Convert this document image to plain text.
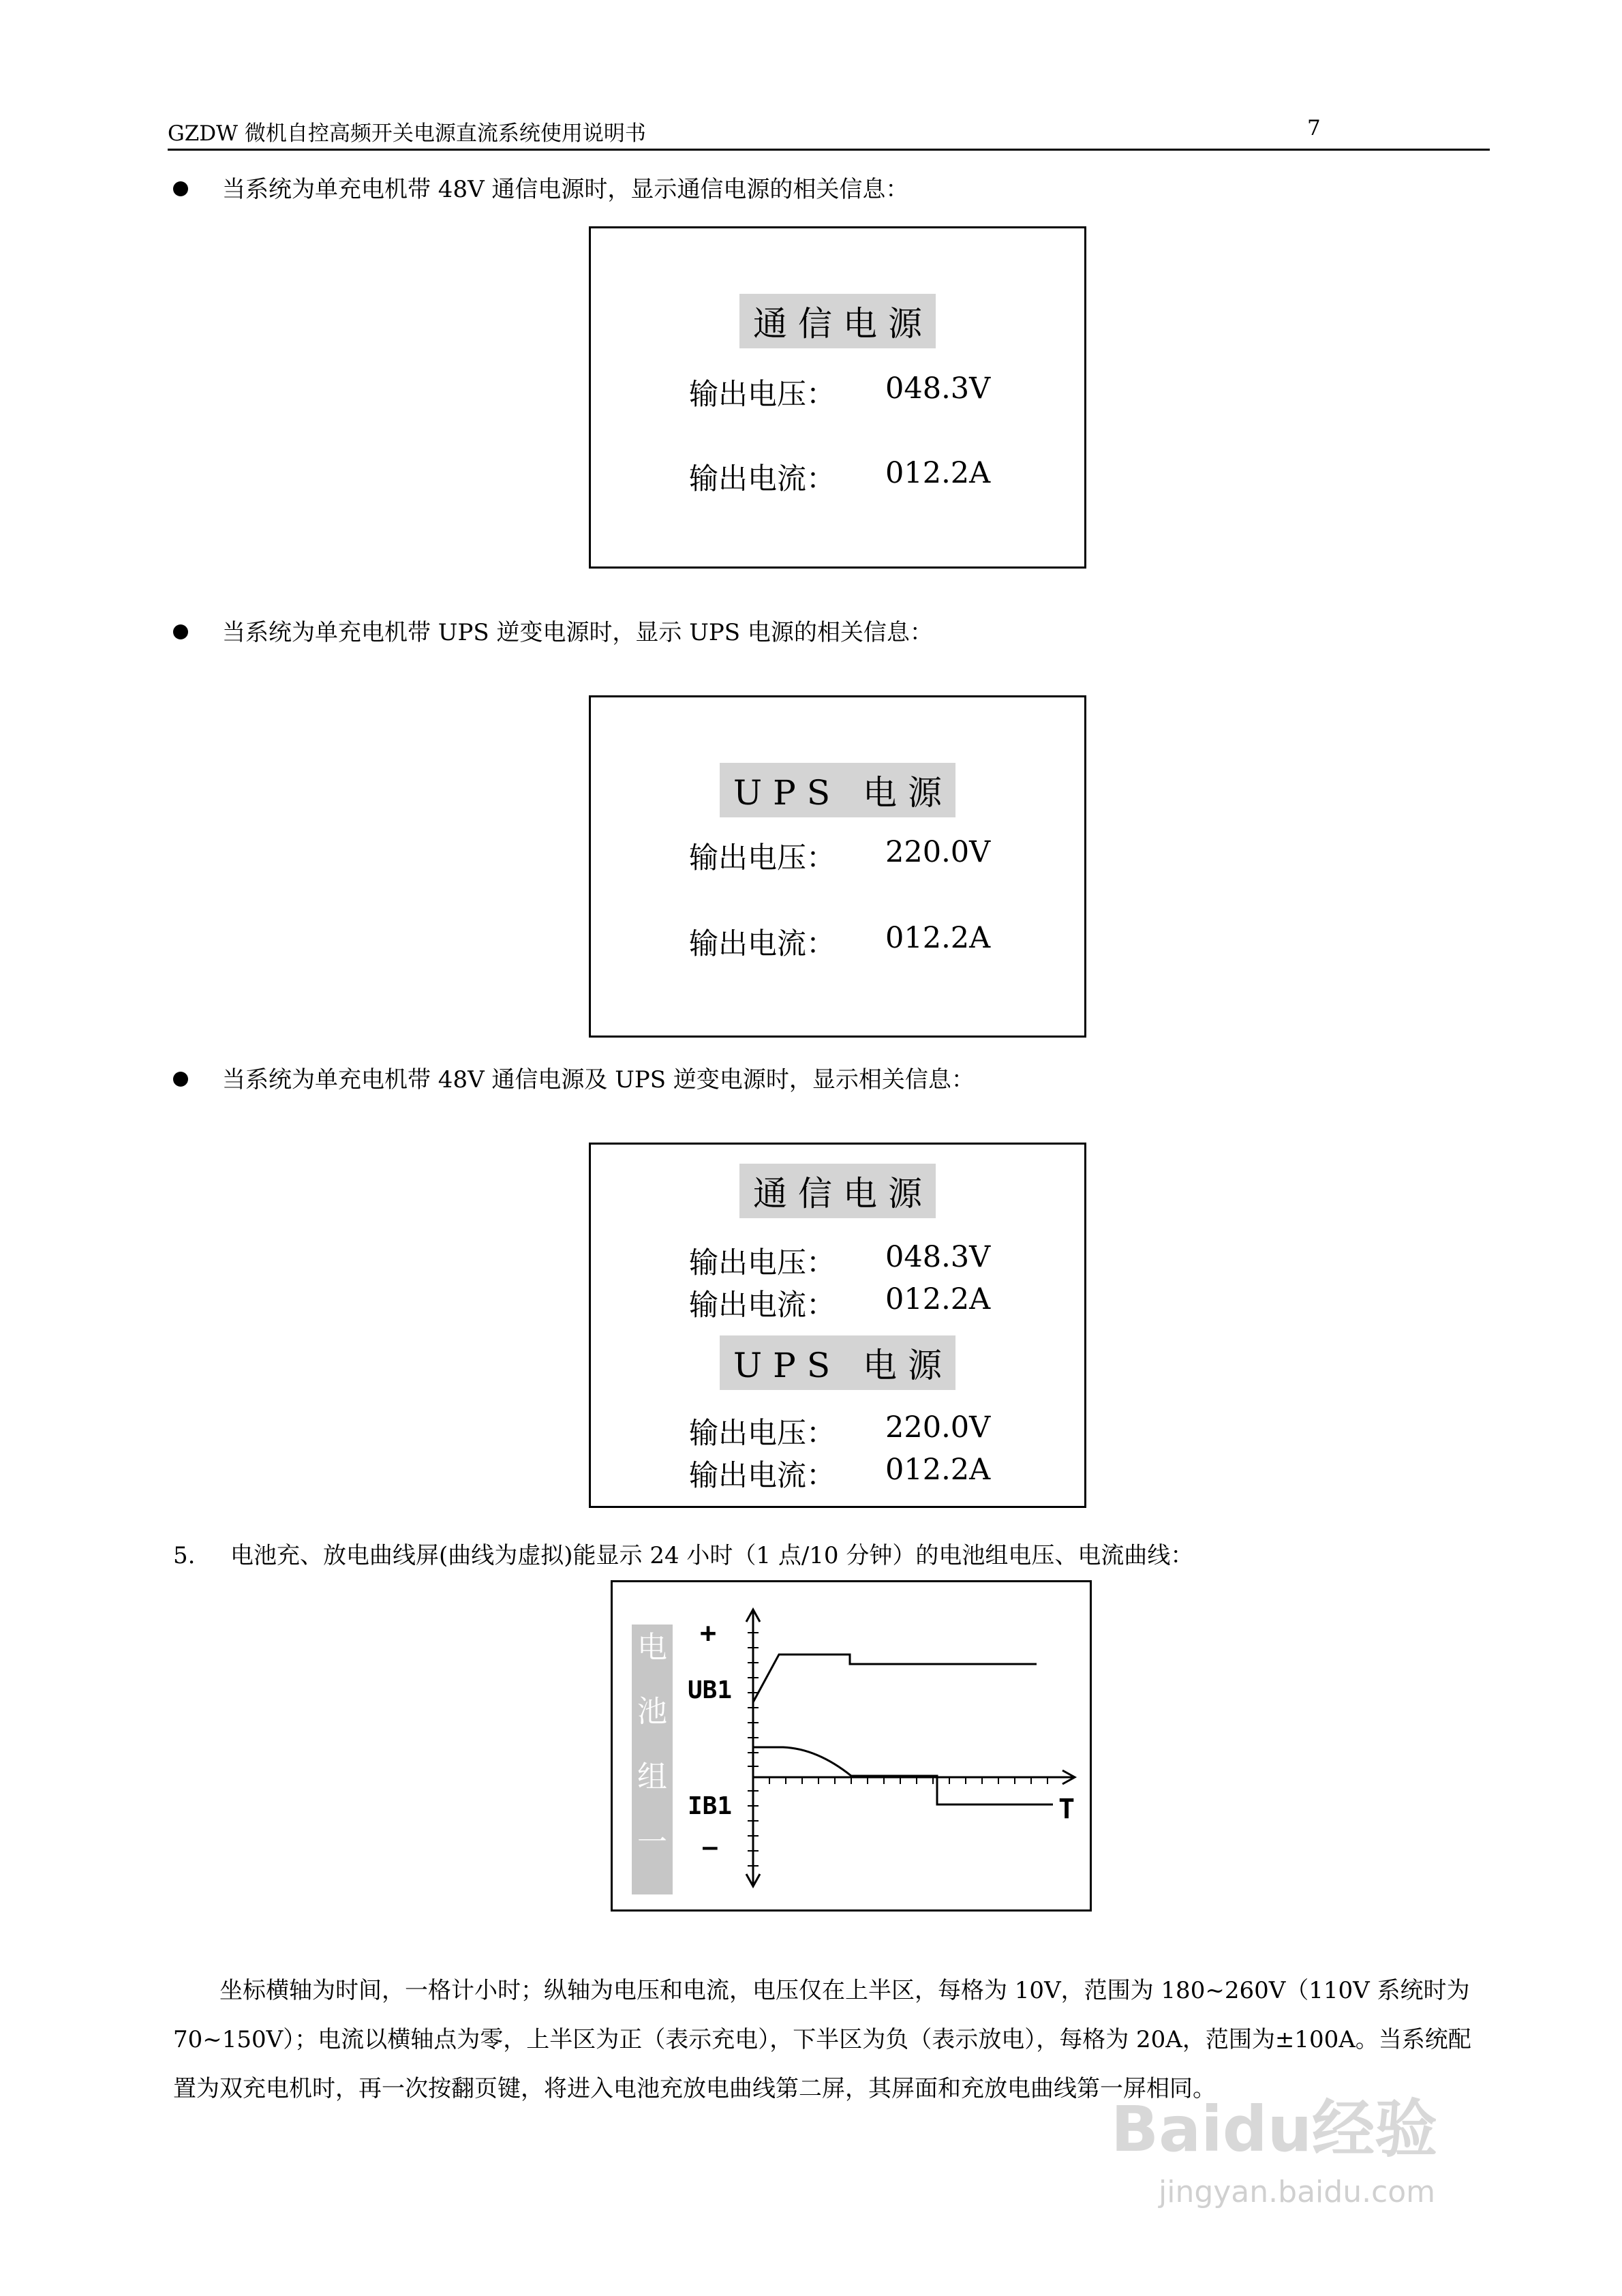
GZDW 微机自控高频开关电源直流系统使用说明书	7
当系统为单充电机带 48V 通信电源时，显示通信电源的相关信息：
通信电源
输出电压： 048.3V
输出电流： 012.2A
当系统为单充电机带 UPS 逆变电源时，显示 UPS 电源的相关信息：
UPS 电源
输出电压： 220.0V
输出电流： 012.2A
当系统为单充电机带 48V 通信电源及 UPS 逆变电源时，显示相关信息：
通信电源
输出电压： 048.3V
输出电流： 012.2A
UPS 电源
输出电压： 220.0V
输出电流： 012.2A
5. 电池充、放电曲线屏(曲线为虚拟)能显示 24 小时（1 点/10 分钟）的电池组电压、电流曲线：
电
池
组
一
+
UB1
IB1
–
T
坐标横轴为时间，一格计小时；纵轴为电压和电流，电压仅在上半区，每格为 10V，范围为 180~260V（110V 系统时为 70~150V）；电流以横轴点为零，上半区为正（表示充电），下半区为负（表示放电），每格为 20A，范围为±100A。当系统配置为双充电机时，再一次按翻页键，将进入电池充放电曲线第二屏，其屏面和充放电曲线第一屏相同。
Baidu经验
jingyan.baidu.com
